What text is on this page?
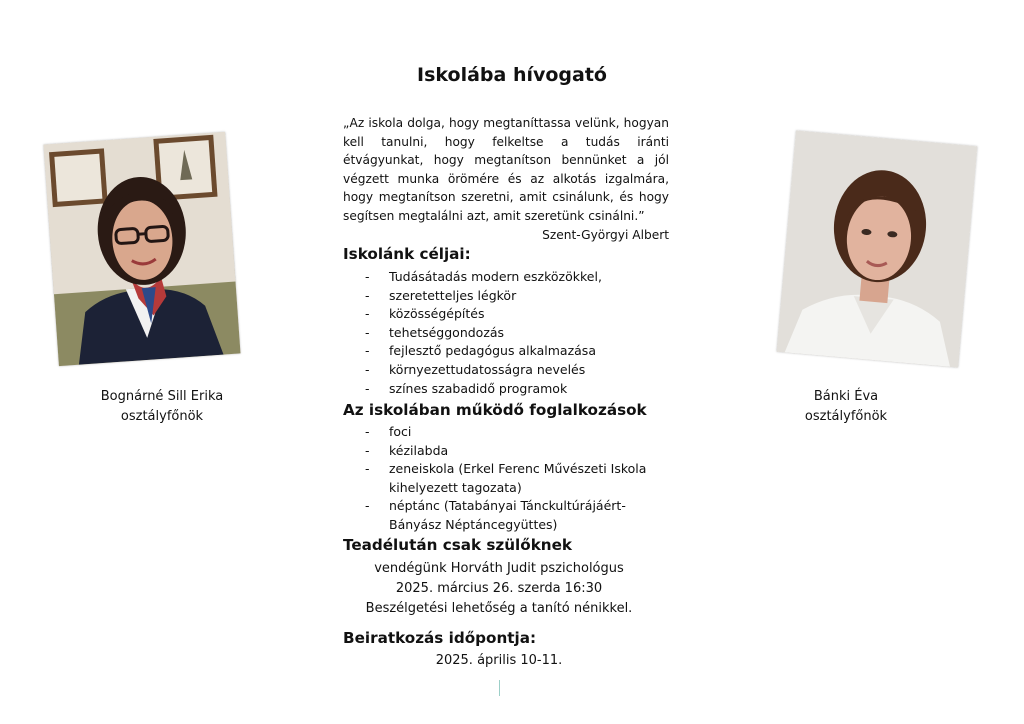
Iskolába hívogató
„Az iskola dolga, hogy megtaníttassa velünk, hogyan kell tanulni, hogy felkeltse a tudás iránti étvágyunkat, hogy megtanítson bennünket a jól végzett munka örömére és az alkotás izgalmára, hogy megtanítson szeretni, amit csinálunk, és hogy segítsen megtalálni azt, amit szeretünk csinálni.”
Szent-Györgyi Albert
Iskolánk céljai:
- Tudásátadás modern eszközökkel,
- szeretetteljes légkör
- közösségépítés
- tehetséggondozás
- fejlesztő pedagógus alkalmazása
- környezettudatosságra nevelés
- színes szabadidő programok
Az iskolában működő foglalkozások
- foci
- kézilabda
- zeneiskola (Erkel Ferenc Művészeti Iskola kihelyezett tagozata)
- néptánc (Tatabányai Tánckultúrájáért- Bányász Néptáncegyüttes)
Teadélután csak szülőknek
vendégünk Horváth Judit pszichológus
2025. március 26. szerda 16:30
Beszélgetési lehetőség a tanító nénikkel.
Beiratkozás időpontja:
2025. április 10-11.
Bognárné Sill Erika
osztályfőnök
Bánki Éva
osztályfőnök
